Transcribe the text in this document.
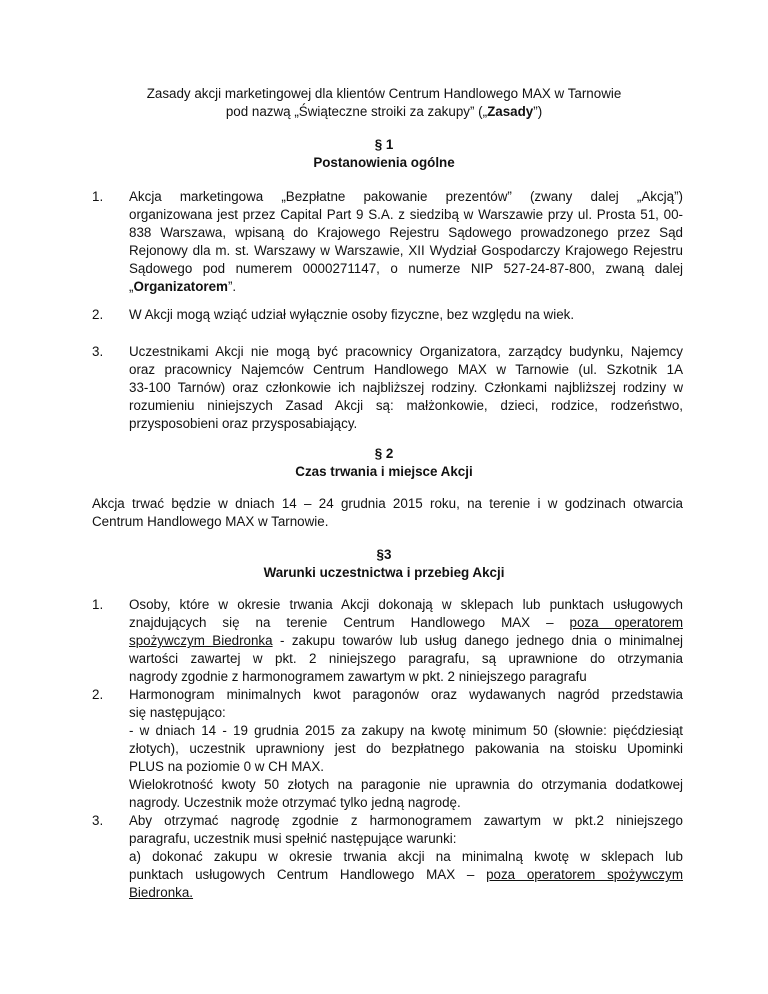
Zasady akcji marketingowej dla klientów Centrum Handlowego MAX w Tarnowie
pod nazwą „Świąteczne stroiki za zakupy” („Zasady”)
§ 1
Postanowienia ogólne
1.	Akcja marketingowa „Bezpłatne pakowanie prezentów” (zwany dalej „Akcją”)
organizowana jest przez Capital Part 9 S.A. z siedzibą w Warszawie przy ul. Prosta 51, 00-
838 Warszawa, wpisaną do Krajowego Rejestru Sądowego prowadzonego przez Sąd
Rejonowy dla m. st. Warszawy w Warszawie, XII Wydział Gospodarczy Krajowego Rejestru
Sądowego pod numerem 0000271147, o numerze NIP 527-24-87-800, zwaną dalej
„Organizatorem”.
2.	W Akcji mogą wziąć udział wyłącznie osoby fizyczne, bez względu na wiek.
3.	Uczestnikami Akcji nie mogą być pracownicy Organizatora, zarządcy budynku, Najemcy
oraz pracownicy Najemców Centrum Handlowego MAX w Tarnowie (ul. Szkotnik 1A
33-100 Tarnów) oraz członkowie ich najbliższej rodziny. Członkami najbliższej rodziny w
rozumieniu niniejszych Zasad Akcji są: małżonkowie, dzieci, rodzice, rodzeństwo,
przysposobieni oraz przysposabiający.
§ 2
Czas trwania i miejsce Akcji
Akcja trwać będzie w dniach 14 – 24 grudnia 2015 roku, na terenie i w godzinach otwarcia
Centrum Handlowego MAX w Tarnowie.
§3
Warunki uczestnictwa i przebieg Akcji
1.	Osoby, które w okresie trwania Akcji dokonają w sklepach lub punktach usługowych
znajdujących się na terenie Centrum Handlowego MAX – poza operatorem
spożywczym Biedronka - zakupu towarów lub usług danego jednego dnia o minimalnej
wartości zawartej w pkt. 2 niniejszego paragrafu, są uprawnione do otrzymania
nagrody zgodnie z harmonogramem zawartym w pkt. 2 niniejszego paragrafu
2.	Harmonogram minimalnych kwot paragonów oraz wydawanych nagród przedstawia
się następująco:
- w dniach 14 - 19 grudnia 2015 za zakupy na kwotę minimum 50 (słownie: pięćdziesiąt
złotych), uczestnik uprawniony jest do bezpłatnego pakowania na stoisku Upominki
PLUS na poziomie 0 w CH MAX.
Wielokrotność kwoty 50 złotych na paragonie nie uprawnia do otrzymania dodatkowej
nagrody. Uczestnik może otrzymać tylko jedną nagrodę.
3.	Aby otrzymać nagrodę zgodnie z harmonogramem zawartym w pkt.2 niniejszego
paragrafu, uczestnik musi spełnić następujące warunki:
a) dokonać zakupu w okresie trwania akcji na minimalną kwotę w sklepach lub
punktach usługowych Centrum Handlowego MAX – poza operatorem spożywczym
Biedronka.
